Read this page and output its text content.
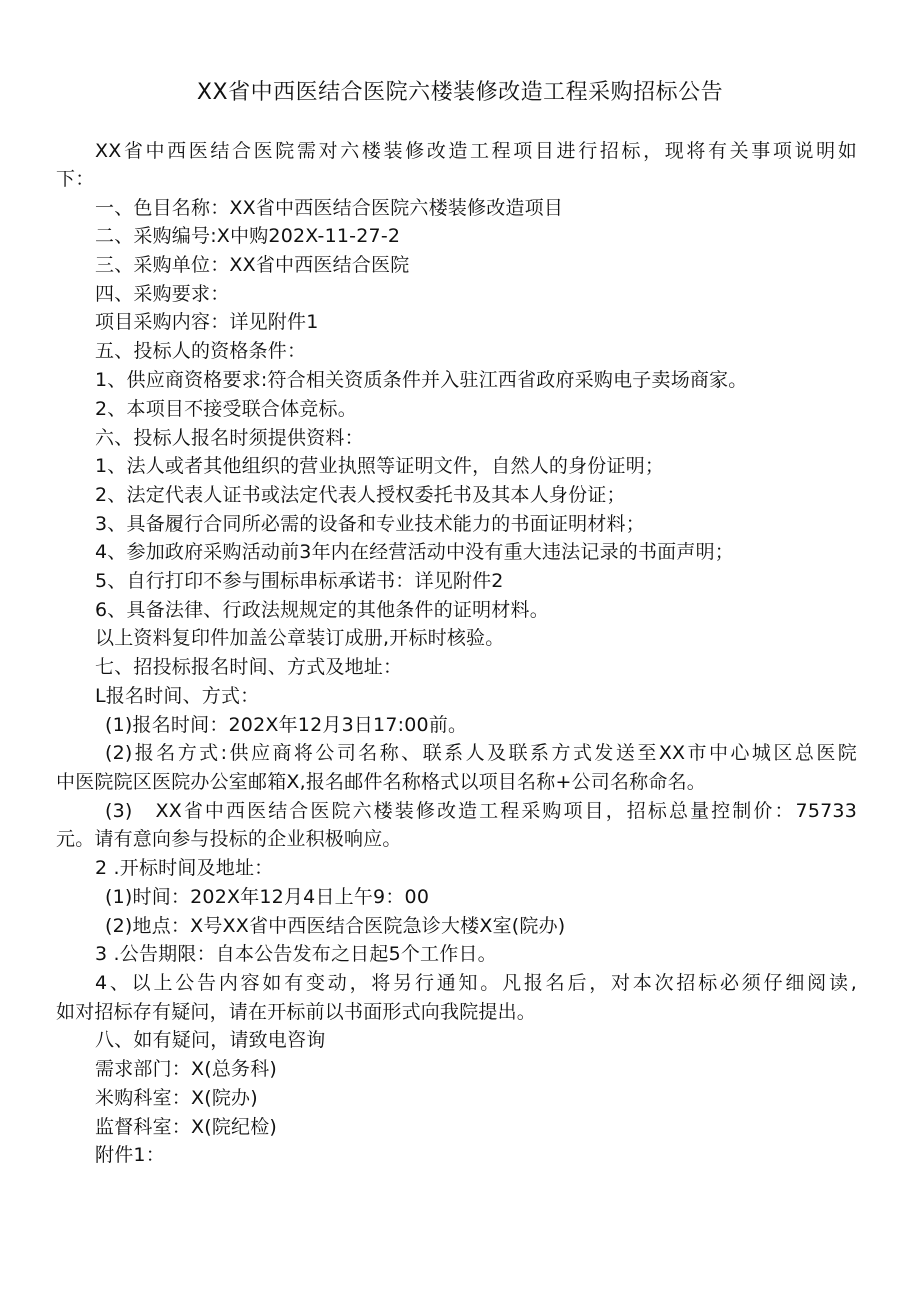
XX省中西医结合医院六楼装修改造工程采购招标公告
XX省中西医结合医院需对六楼装修改造工程项目进行招标，现将有关事项说明如
下：
一、色目名称：XX省中西医结合医院六楼装修改造项目
二、采购编号:X中购202X-11-27-2
三、采购单位：XX省中西医结合医院
四、采购要求：
项目采购内容：详见附件1
五、投标人的资格条件：
1、供应商资格要求:符合相关资质条件并入驻江西省政府采购电子卖场商家。
2、本项目不接受联合体竞标。
六、投标人报名时须提供资料：
1、法人或者其他组织的营业执照等证明文件，自然人的身份证明；
2、法定代表人证书或法定代表人授权委托书及其本人身份证；
3、具备履行合同所必需的设备和专业技术能力的书面证明材料；
4、参加政府采购活动前3年内在经营活动中没有重大违法记录的书面声明；
5、自行打印不参与围标串标承诺书：详见附件2
6、具备法律、行政法规规定的其他条件的证明材料。
以上资料复印件加盖公章装订成册,开标时核验。
七、招投标报名时间、方式及地址：
L报名时间、方式：
(1)报名时间：202X年12月3日17:00前。
(2)报名方式:供应商将公司名称、联系人及联系方式发送至XX市中心城区总医院
中医院院区医院办公室邮箱X,报名邮件名称格式以项目名称+公司名称命名。
(3)　XX省中西医结合医院六楼装修改造工程采购项目，招标总量控制价：75733
元。请有意向参与投标的企业积极响应。
2 .开标时间及地址：
(1)时间：202X年12月4日上午9：00
(2)地点：X号XX省中西医结合医院急诊大楼X室(院办)
3 .公告期限：自本公告发布之日起5个工作日。
4、以上公告内容如有变动，将另行通知。凡报名后，对本次招标必须仔细阅读,
如对招标存有疑问，请在开标前以书面形式向我院提出。
八、如有疑问，请致电咨询
需求部门：X(总务科)
米购科室：X(院办)
监督科室：X(院纪检)
附件1：
